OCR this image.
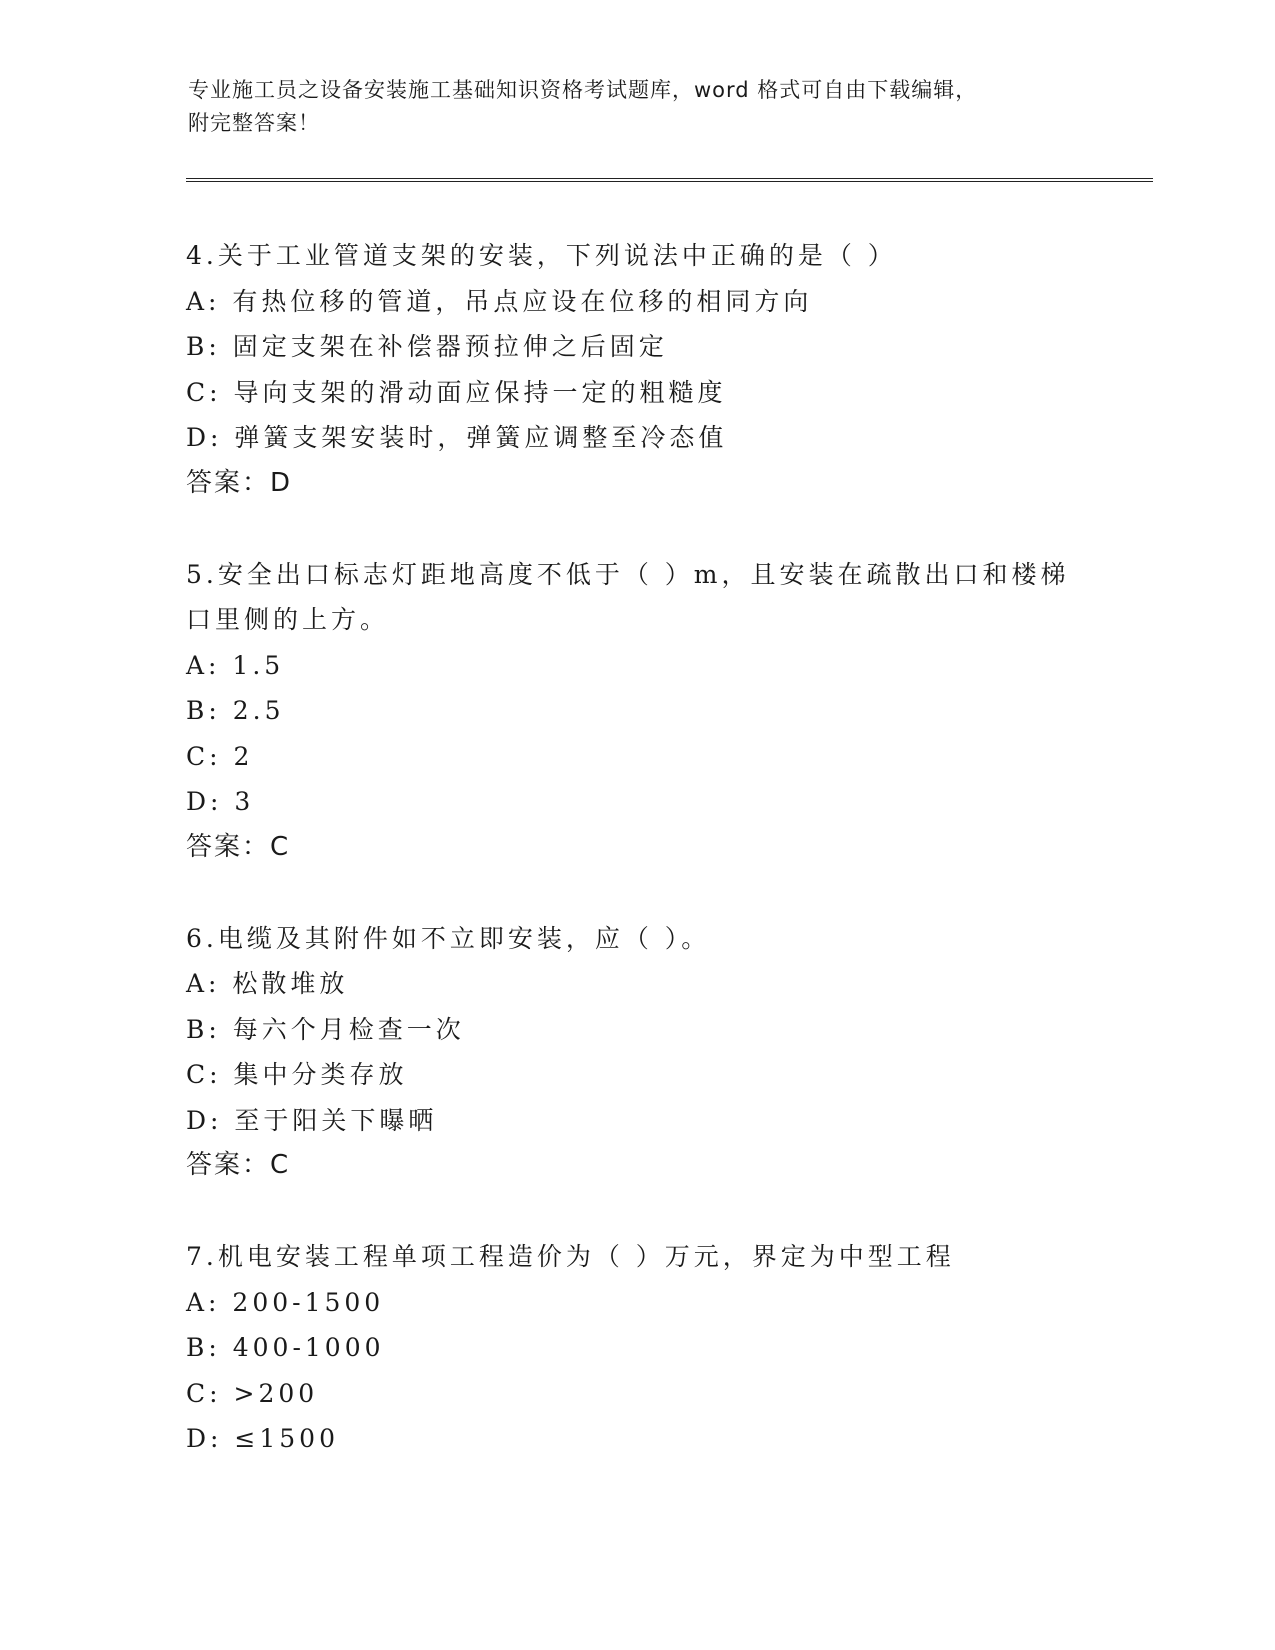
专业施工员之设备安装施工基础知识资格考试题库，word 格式可自由下载编辑，
附完整答案！
4.关于工业管道支架的安装，下列说法中正确的是（ ）
A: 有热位移的管道，吊点应设在位移的相同方向
B: 固定支架在补偿器预拉伸之后固定
C: 导向支架的滑动面应保持一定的粗糙度
D: 弹簧支架安装时，弹簧应调整至冷态值
答案：D
5.安全出口标志灯距地高度不低于（ ）m，且安装在疏散出口和楼梯
口里侧的上方。
A: 1.5
B: 2.5
C: 2
D: 3
答案：C
6.电缆及其附件如不立即安装，应（ ）。
A: 松散堆放
B: 每六个月检查一次
C: 集中分类存放
D: 至于阳关下曝晒
答案：C
7.机电安装工程单项工程造价为（ ）万元，界定为中型工程
A: 200-1500
B: 400-1000
C: >200
D: ≤1500
